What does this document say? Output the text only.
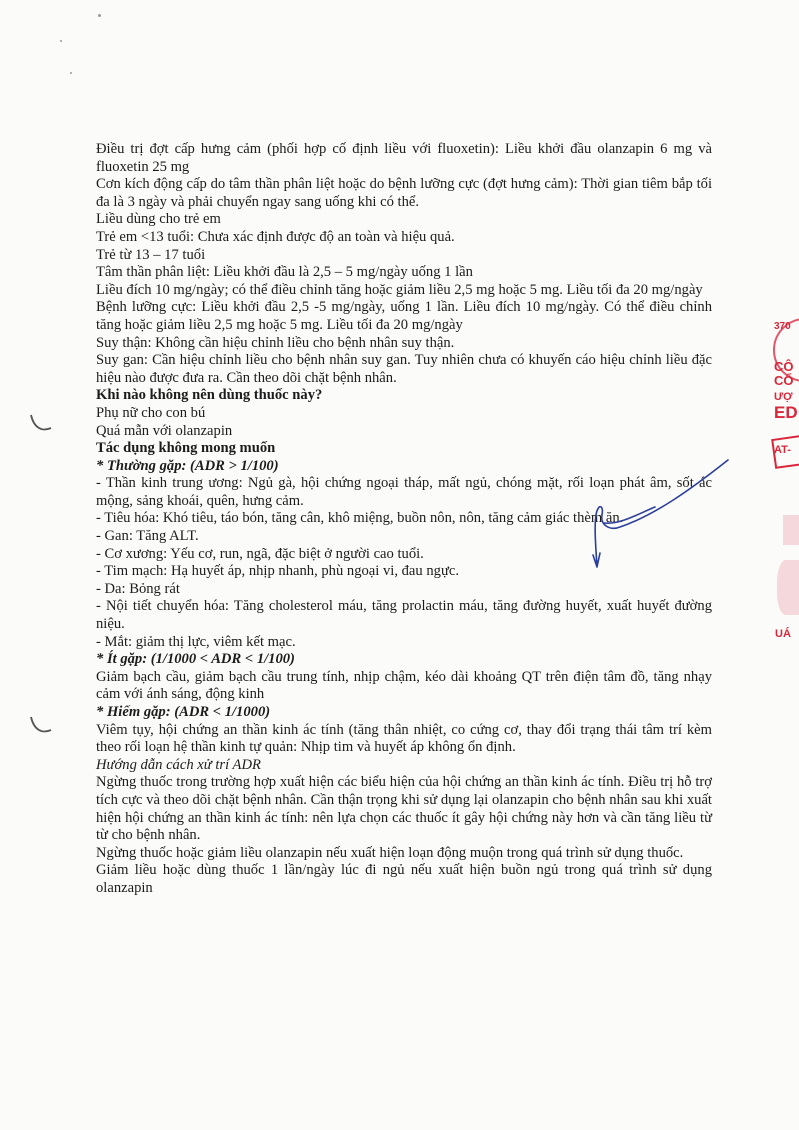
Điều trị đợt cấp hưng cảm (phối hợp cố định liều với fluoxetin): Liều khởi đầu olanzapin 6 mg và fluoxetin 25 mg

Cơn kích động cấp do tâm thần phân liệt hoặc do bệnh lưỡng cực (đợt hưng cảm): Thời gian tiêm bắp tối đa là 3 ngày và phải chuyển ngay sang uống khi có thể.

Liều dùng cho trẻ em

Trẻ em <13 tuổi: Chưa xác định được độ an toàn và hiệu quả.

Trẻ từ 13 – 17 tuổi

Tâm thần phân liệt: Liều khởi đầu là 2,5 – 5 mg/ngày uống 1 lần

Liều đích 10 mg/ngày; có thể điều chỉnh tăng hoặc giảm liều 2,5 mg hoặc 5 mg. Liều tối đa 20 mg/ngày

Bệnh lưỡng cực: Liều khởi đầu 2,5 -5 mg/ngày, uống 1 lần. Liều đích 10 mg/ngày. Có thể điều chỉnh tăng hoặc giảm liều 2,5 mg hoặc 5 mg. Liều tối đa 20 mg/ngày

Suy thận: Không cần hiệu chỉnh liều cho bệnh nhân suy thận.

Suy gan: Cần hiệu chỉnh liều cho bệnh nhân suy gan. Tuy nhiên chưa có khuyến cáo hiệu chỉnh liều đặc hiệu nào được đưa ra. Cần theo dõi chặt bệnh nhân.

Khi nào không nên dùng thuốc này?

Phụ nữ cho con bú

Quá mẫn với olanzapin

Tác dụng không mong muốn

* Thường gặp: (ADR > 1/100)

- Thần kinh trung ương: Ngủ gà, hội chứng ngoại tháp, mất ngủ, chóng mặt, rối loạn phát âm, sốt ác mộng, sảng khoái, quên, hưng cảm.

- Tiêu hóa: Khó tiêu, táo bón, tăng cân, khô miệng, buồn nôn, nôn, tăng cảm giác thèm ăn.

- Gan: Tăng ALT.

- Cơ xương: Yếu cơ, run, ngã, đặc biệt ở người cao tuổi.

- Tim mạch: Hạ huyết áp, nhịp nhanh, phù ngoại vi, đau ngực.

- Da: Bỏng rát

- Nội tiết chuyển hóa: Tăng cholesterol máu, tăng prolactin máu, tăng đường huyết, xuất huyết đường niệu.

- Mắt: giảm thị lực, viêm kết mạc.

* Ít gặp: (1/1000 < ADR < 1/100)

Giảm bạch cầu, giảm bạch cầu trung tính, nhịp chậm, kéo dài khoảng QT trên điện tâm đồ, tăng nhạy cảm với ánh sáng, động kinh

* Hiếm gặp: (ADR < 1/1000)

Viêm tụy, hội chứng an thần kinh ác tính (tăng thân nhiệt, co cứng cơ, thay đổi trạng thái tâm trí kèm theo rối loạn hệ thần kinh tự quản: Nhịp tim và huyết áp không ổn định.

Hướng dẫn cách xử trí ADR

Ngừng thuốc trong trường hợp xuất hiện các biểu hiện của hội chứng an thần kinh ác tính. Điều trị hỗ trợ tích cực và theo dõi chặt bệnh nhân. Cần thận trọng khi sử dụng lại olanzapin cho bệnh nhân sau khi xuất hiện hội chứng an thần kinh ác tính: nên lựa chọn các thuốc ít gây hội chứng này hơn và cần tăng liều từ từ cho bệnh nhân.

Ngừng thuốc hoặc giảm liều olanzapin nếu xuất hiện loạn động muộn trong quá trình sử dụng thuốc.

Giảm liều hoặc dùng thuốc 1 lần/ngày lúc đi ngủ nếu xuất hiện buồn ngủ trong quá trình sử dụng olanzapin

370
CÔ
CỔ
ƯỢ
ED
AT-
UÁ
